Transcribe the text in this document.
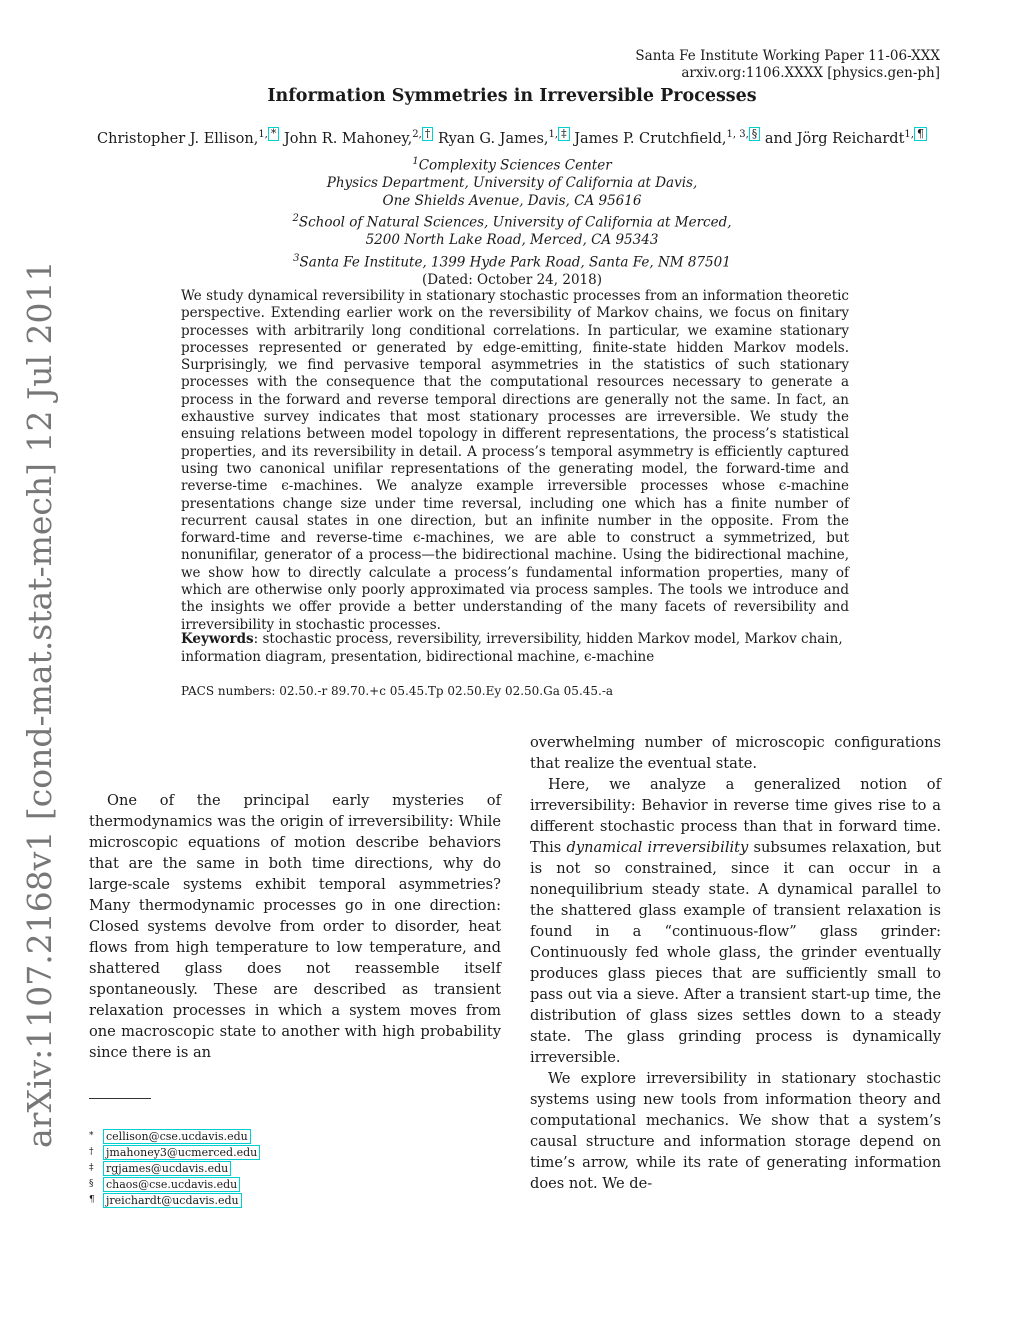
Santa Fe Institute Working Paper 11-06-XXX
arxiv.org:1106.XXXX [physics.gen-ph]
Information Symmetries in Irreversible Processes
Christopher J. Ellison,$^{1,}$ * John R. Mahoney,$^{2,}$ † Ryan G. James,$^{1,}$ ‡ James P. Crutchfield,$^{1, 3,}$ § and Jörg Reichardt$^{1,}$ ¶
$^1$Complexity Sciences Center
Physics Department, University of California at Davis,
One Shields Avenue, Davis, CA 95616
$^2$School of Natural Sciences, University of California at Merced,
5200 North Lake Road, Merced, CA 95343
$^3$Santa Fe Institute, 1399 Hyde Park Road, Santa Fe, NM 87501
(Dated: October 24, 2018)
We study dynamical reversibility in stationary stochastic processes from an information theoretic perspective. Extending earlier work on the reversibility of Markov chains, we focus on finitary processes with arbitrarily long conditional correlations. In particular, we examine stationary processes represented or generated by edge-emitting, finite-state hidden Markov models. Surprisingly, we find pervasive temporal asymmetries in the statistics of such stationary processes with the consequence that the computational resources necessary to generate a process in the forward and reverse temporal directions are generally not the same. In fact, an exhaustive survey indicates that most stationary processes are irreversible. We study the ensuing relations between model topology in different representations, the process’s statistical properties, and its reversibility in detail. A process’s temporal asymmetry is efficiently captured using two canonical unifilar representations of the generating model, the forward-time and reverse-time ϵ-machines. We analyze example irreversible processes whose ϵ-machine presentations change size under time reversal, including one which has a finite number of recurrent causal states in one direction, but an infinite number in the opposite. From the forward-time and reverse-time ϵ-machines, we are able to construct a symmetrized, but nonunifilar, generator of a process—the bidirectional machine. Using the bidirectional machine, we show how to directly calculate a process’s fundamental information properties, many of which are otherwise only poorly approximated via process samples. The tools we introduce and the insights we offer provide a better understanding of the many facets of reversibility and irreversibility in stochastic processes.
Keywords: stochastic process, reversibility, irreversibility, hidden Markov model, Markov chain, information diagram, presentation, bidirectional machine, ϵ-machine
PACS numbers: 02.50.-r 89.70.+c 05.45.Tp 02.50.Ey 02.50.Ga 05.45.-a

One of the principal early mysteries of thermodynamics was the origin of irreversibility: While microscopic equations of motion describe behaviors that are the same in both time directions, why do large-scale systems exhibit temporal asymmetries? Many thermodynamic processes go in one direction: Closed systems devolve from order to disorder, heat flows from high temperature to low temperature, and shattered glass does not reassemble itself spontaneously. These are described as transient relaxation processes in which a system moves from one macroscopic state to another with high probability since there is an

overwhelming number of microscopic configurations that realize the eventual state.

Here, we analyze a generalized notion of irreversibility: Behavior in reverse time gives rise to a different stochastic process than that in forward time. This dynamical irreversibility subsumes relaxation, but is not so constrained, since it can occur in a nonequilibrium steady state. A dynamical parallel to the shattered glass example of transient relaxation is found in a “continuous-flow” glass grinder: Continuously fed whole glass, the grinder eventually produces glass pieces that are sufficiently small to pass out via a sieve. After a transient start-up time, the distribution of glass sizes settles down to a steady state. The glass grinding process is dynamically irreversible.

We explore irreversibility in stationary stochastic systems using new tools from information theory and computational mechanics. We show that a system’s causal structure and information storage depend on time’s arrow, while its rate of generating information does not. We de-

*	cellison@cse.ucdavis.edu
†	jmahoney3@ucmerced.edu
‡	rgjames@ucdavis.edu
§	chaos@cse.ucdavis.edu
¶	jreichardt@ucdavis.edu
arXiv:1107.2168v1 [cond-mat.stat-mech] 12 Jul 2011
